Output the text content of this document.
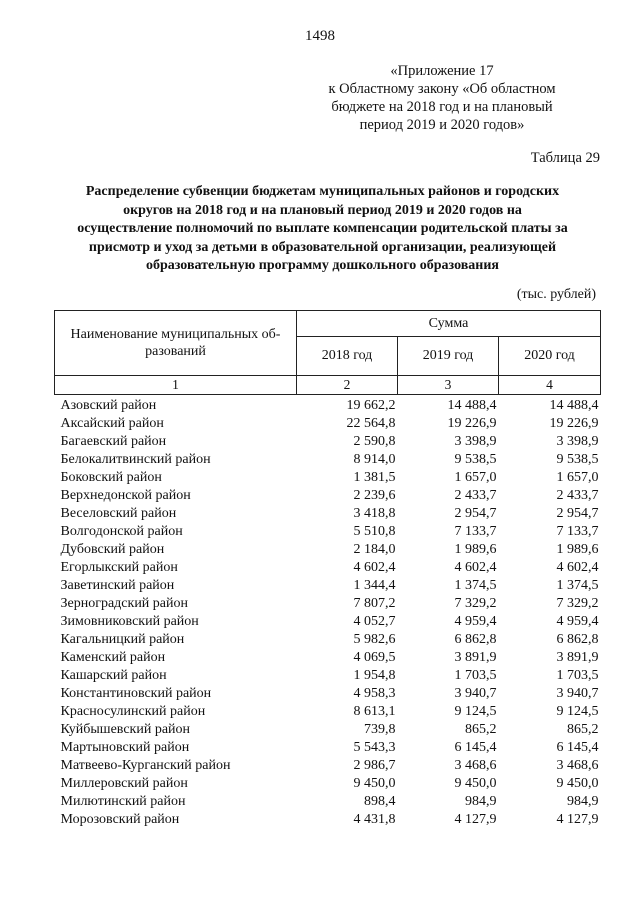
1498
«Приложение 17
к Областному закону «Об областном
бюджете на 2018 год и на плановый
период 2019 и 2020 годов»
Таблица 29
Распределение субвенции бюджетам муниципальных районов и городских
округов на 2018 год и на плановый период 2019 и 2020 годов на
осуществление полномочий по выплате компенсации родительской платы за
присмотр и уход за детьми в образовательной организации, реализующей
образовательную программу дошкольного образования
(тыс. рублей)
Наименование муниципальных об-разований	Сумма		
	2018 год	2019 год	2020 год
1	2	3	4
Азовский район	19 662,2	14 488,4	14 488,4
Аксайский район	22 564,8	19 226,9	19 226,9
Багаевский район	2 590,8	3 398,9	3 398,9
Белокалитвинский район	8 914,0	9 538,5	9 538,5
Боковский район	1 381,5	1 657,0	1 657,0
Верхнедонской район	2 239,6	2 433,7	2 433,7
Веселовский район	3 418,8	2 954,7	2 954,7
Волгодонской район	5 510,8	7 133,7	7 133,7
Дубовский район	2 184,0	1 989,6	1 989,6
Егорлыкский район	4 602,4	4 602,4	4 602,4
Заветинский район	1 344,4	1 374,5	1 374,5
Зерноградский район	7 807,2	7 329,2	7 329,2
Зимовниковский район	4 052,7	4 959,4	4 959,4
Кагальницкий район	5 982,6	6 862,8	6 862,8
Каменский район	4 069,5	3 891,9	3 891,9
Кашарский район	1 954,8	1 703,5	1 703,5
Константиновский район	4 958,3	3 940,7	3 940,7
Красносулинский район	8 613,1	9 124,5	9 124,5
Куйбышевский район	739,8	865,2	865,2
Мартыновский район	5 543,3	6 145,4	6 145,4
Матвеево-Курганский район	2 986,7	3 468,6	3 468,6
Миллеровский район	9 450,0	9 450,0	9 450,0
Милютинский район	898,4	984,9	984,9
Морозовский район	4 431,8	4 127,9	4 127,9
